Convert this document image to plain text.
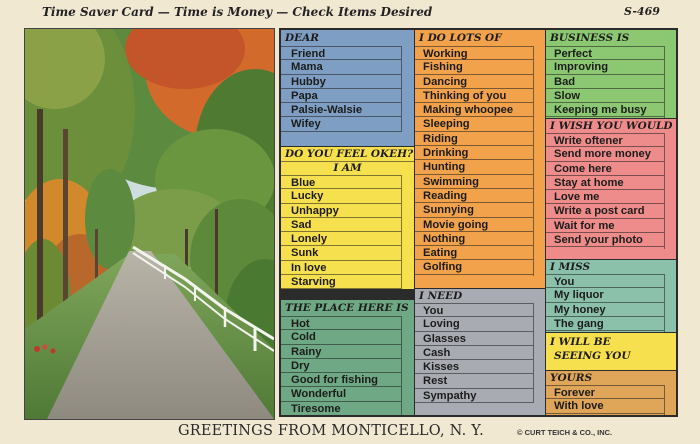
Time Saver Card — Time is Money — Check Items Desired	S-469
DEAR
Friend
Mama
Hubby
Papa
Palsie-Walsie
Wifey
DO YOU FEEL OKEH?
I AM
Blue
Lucky
Unhappy
Sad
Lonely
Sunk
In love
Starving
THE PLACE HERE IS
Hot
Cold
Rainy
Dry
Good for fishing
Wonderful
Tiresome
I DO LOTS OF
Working
Fishing
Dancing
Thinking of you
Making whoopee
Sleeping
Riding
Drinking
Hunting
Swimming
Reading
Sunnying
Movie going
Nothing
Eating
Golfing
I NEED
You
Loving
Glasses
Cash
Kisses
Rest
Sympathy
BUSINESS IS
Perfect
Improving
Bad
Slow
Keeping me busy
I WISH YOU WOULD
Write oftener
Send more money
Come here
Stay at home
Love me
Write a post card
Wait for me
Send your photo
I MISS
You
My liquor
My honey
The gang
I WILL BE
SEEING YOU
YOURS
Forever
With love
GREETINGS FROM MONTICELLO, N. Y.	© CURT TEICH & CO., INC.
